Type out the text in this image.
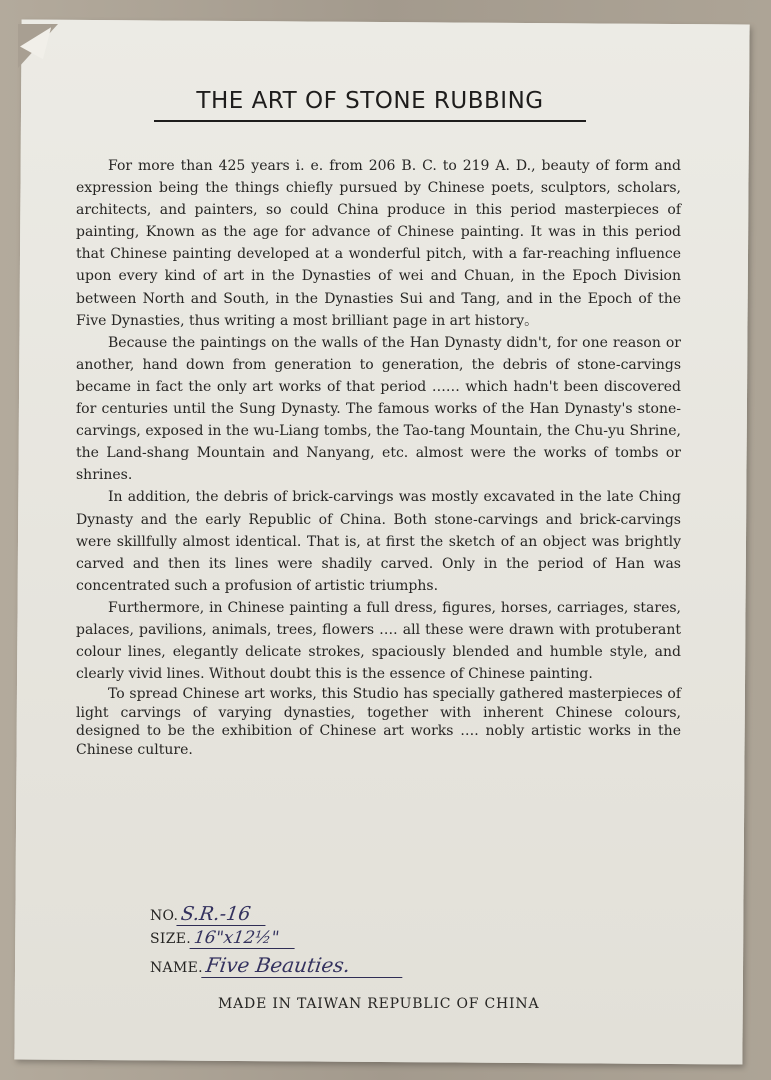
THE ART OF STONE RUBBING

For more than 425 years i. e. from 206 B. C. to 219 A. D., beauty of form and expression being the things chiefly pursued by Chinese poets, sculptors, scholars, architects, and painters, so could China produce in this period masterpieces of painting, Known as the age for advance of Chinese painting. It was in this period that Chinese painting developed at a wonderful pitch, with a far-reaching influence upon every kind of art in the Dynasties of wei and Chuan, in the Epoch Division between North and South, in the Dynasties Sui and Tang, and in the Epoch of the Five Dynasties, thus writing a most brilliant page in art history。

Because the paintings on the walls of the Han Dynasty didn't, for one reason or another, hand down from generation to generation, the debris of stone-carvings became in fact the only art works of that period …… which hadn't been discovered for centuries until the Sung Dynasty. The famous works of the Han Dynasty's stone-carvings, exposed in the wu-Liang tombs, the Tao-tang Mountain, the Chu-yu Shrine, the Land-shang Mountain and Nanyang, etc. almost were the works of tombs or shrines.

In addition, the debris of brick-carvings was mostly excavated in the late Ching Dynasty and the early Republic of China. Both stone-carvings and brick-carvings were skillfully almost identical. That is, at first the sketch of an object was brightly carved and then its lines were shadily carved. Only in the period of Han was concentrated such a profusion of artistic triumphs.

Furthermore, in Chinese painting a full dress, figures, horses, carriages, stares, palaces, pavilions, animals, trees, flowers …. all these were drawn with protuberant colour lines, elegantly delicate strokes, spaciously blended and humble style, and clearly vivid lines. Without doubt this is the essence of Chinese painting.

To spread Chinese art works, this Studio has specially gathered masterpieces of light carvings of varying dynasties, together with inherent Chinese colours, designed to be the exhibition of Chinese art works …. nobly artistic works in the Chinese culture.

NO. S.R.-16
SIZE. 16"x12½"
NAME. Five Beauties.
MADE IN TAIWAN REPUBLIC OF CHINA
